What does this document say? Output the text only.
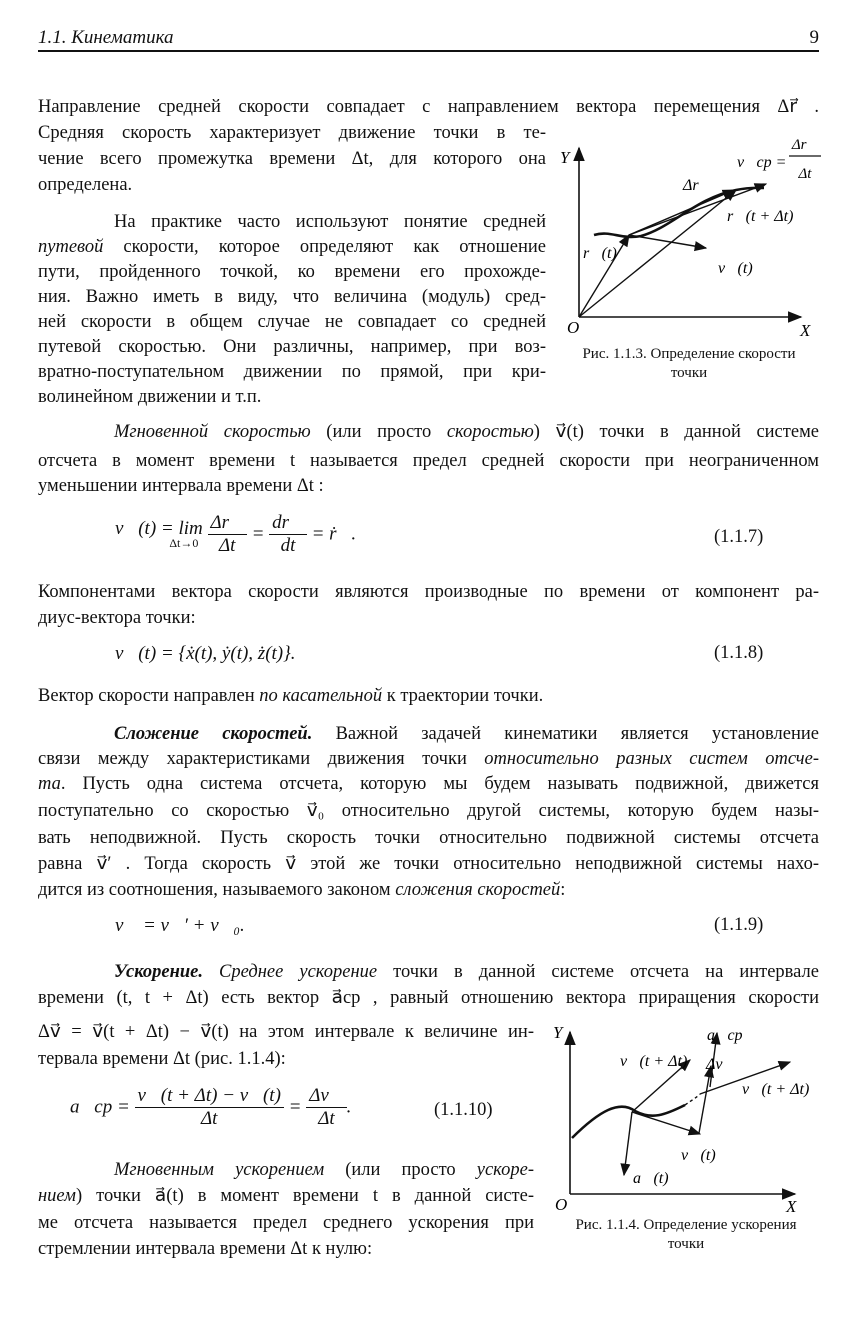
1.1. Кинематика	9
Направление средней скорости совпадает с направлением вектора перемещения Δr⃗ .
Средняя скорость характеризует движение точки в те-
чение всего промежутка времени Δt, для которого она
определена.
На практике часто используют понятие средней
путевой скорости, которое определяют как отношение
пути, пройденного точкой, ко времени его прохожде-
ния. Важно иметь в виду, что величина (модуль) сред-
ней скорости в общем случае не совпадает со средней
путевой скоростью. Они различны, например, при воз-
вратно-поступательном движении по прямой, при кри-
волинейном движении и т.п.
Y
X
O
r⃗(t)
Δr⃗
r⃗(t + Δt)
v⃗(t)
v⃗ср =
Δr⃗
Δt
Рис. 1.1.3. Определение скорости
точки
Мгновенной скоростью (или просто скоростью) v⃗(t) точки в данной системе
отсчета в момент времени t называется предел средней скорости при неограниченном
уменьшении интервала времени Δt :
v⃗(t) = lim
Δt→0
$\frac{\Delta r⃗}{\Delta t} = \frac{dr⃗}{dt}$ = ṙ⃗.	(1.1.7)
Компонентами вектора скорости являются производные по времени от компонент ра-
диус-вектора точки:
v⃗(t) = {ẋ(t), ẏ(t), ż(t)}.	(1.1.8)
Вектор скорости направлен по касательной к траектории точки.
Сложение скоростей. Важной задачей кинематики является установление
связи между характеристиками движения точки относительно разных систем отсче-
та. Пусть одна система отсчета, которую мы будем называть подвижной, движется
поступательно со скоростью v⃗₀ относительно другой системы, которую будем назы-
вать неподвижной. Пусть скорость точки относительно подвижной системы отсчета
равна v⃗′ . Тогда скорость v⃗ этой же точки относительно неподвижной системы нахо-
дится из соотношения, называемого законом сложения скоростей:
v⃗ = v⃗′ + v⃗₀.	(1.1.9)
Ускорение. Среднее ускорение точки в данной системе отсчета на интервале
времени (t, t + Δt) есть вектор a⃗ср , равный отношению вектора приращения скорости
Δv⃗ = v⃗(t + Δt) − v⃗(t) на этом интервале к величине ин-
тервала времени Δt (рис. 1.1.4):
a⃗ср = $\frac{v⃗(t + \Delta t) - v⃗(t)}{\Delta t} = \frac{\Delta v⃗}{\Delta t}$ .	(1.1.10)
Мгновенным ускорением (или просто ускоре-
нием) точки a⃗(t) в момент времени t в данной систе-
ме отсчета называется предел среднего ускорения при
стремлении интервала времени Δt к нулю:
Y
X
O
a⃗ср
v⃗(t + Δt) Δv⃗
v⃗(t + Δt)
v⃗(t)
a⃗(t)
Рис. 1.1.4. Определение ускорения
точки
